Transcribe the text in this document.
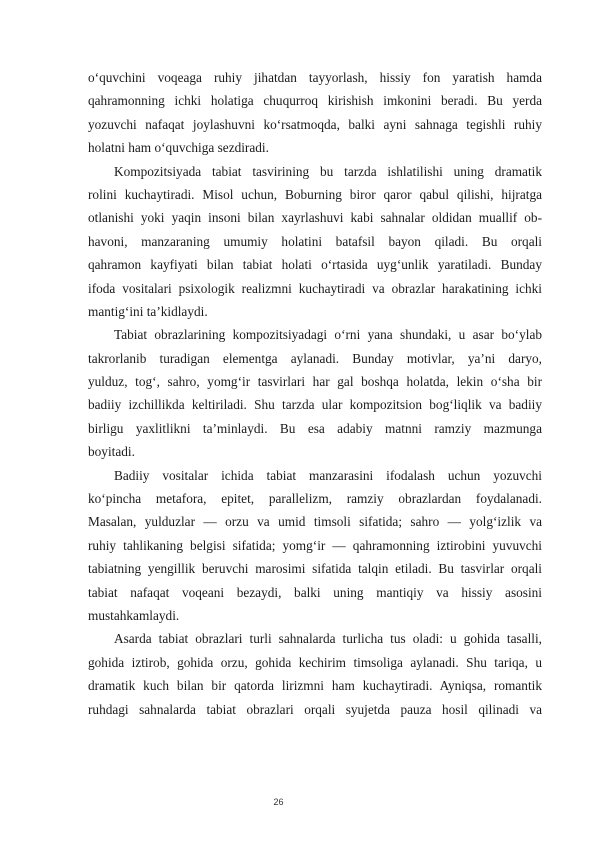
o‘quvchini voqeaga ruhiy jihatdan tayyorlash, hissiy fon yaratish hamda
qahramonning ichki holatiga chuqurroq kirishish imkonini beradi. Bu yerda
yozuvchi nafaqat joylashuvni ko‘rsatmoqda, balki ayni sahnaga tegishli ruhiy
holatni ham o‘quvchiga sezdiradi.
Kompozitsiyada tabiat tasvirining bu tarzda ishlatilishi uning dramatik
rolini kuchaytiradi. Misol uchun, Boburning biror qaror qabul qilishi, hijratga
otlanishi yoki yaqin insoni bilan xayrlashuvi kabi sahnalar oldidan muallif ob-
havoni, manzaraning umumiy holatini batafsil bayon qiladi. Bu orqali
qahramon kayfiyati bilan tabiat holati o‘rtasida uyg‘unlik yaratiladi. Bunday
ifoda vositalari psixologik realizmni kuchaytiradi va obrazlar harakatining ichki
mantig‘ini ta’kidlaydi.
Tabiat obrazlarining kompozitsiyadagi o‘rni yana shundaki, u asar bo‘ylab
takrorlanib turadigan elementga aylanadi. Bunday motivlar, ya’ni daryo,
yulduz, tog‘, sahro, yomg‘ir tasvirlari har gal boshqa holatda, lekin o‘sha bir
badiiy izchillikda keltiriladi. Shu tarzda ular kompozitsion bog‘liqlik va badiiy
birligu yaxlitlikni ta’minlaydi. Bu esa adabiy matnni ramziy mazmunga
boyitadi.
Badiiy vositalar ichida tabiat manzarasini ifodalash uchun yozuvchi
ko‘pincha metafora, epitet, parallelizm, ramziy obrazlardan foydalanadi.
Masalan, yulduzlar — orzu va umid timsoli sifatida; sahro — yolg‘izlik va
ruhiy tahlikaning belgisi sifatida; yomg‘ir — qahramonning iztirobini yuvuvchi
tabiatning yengillik beruvchi marosimi sifatida talqin etiladi. Bu tasvirlar orqali
tabiat nafaqat voqeani bezaydi, balki uning mantiqiy va hissiy asosini
mustahkamlaydi.
Asarda tabiat obrazlari turli sahnalarda turlicha tus oladi: u gohida tasalli,
gohida iztirob, gohida orzu, gohida kechirim timsoliga aylanadi. Shu tariqa, u
dramatik kuch bilan bir qatorda lirizmni ham kuchaytiradi. Ayniqsa, romantik
ruhdagi sahnalarda tabiat obrazlari orqali syujetda pauza hosil qilinadi va
26
